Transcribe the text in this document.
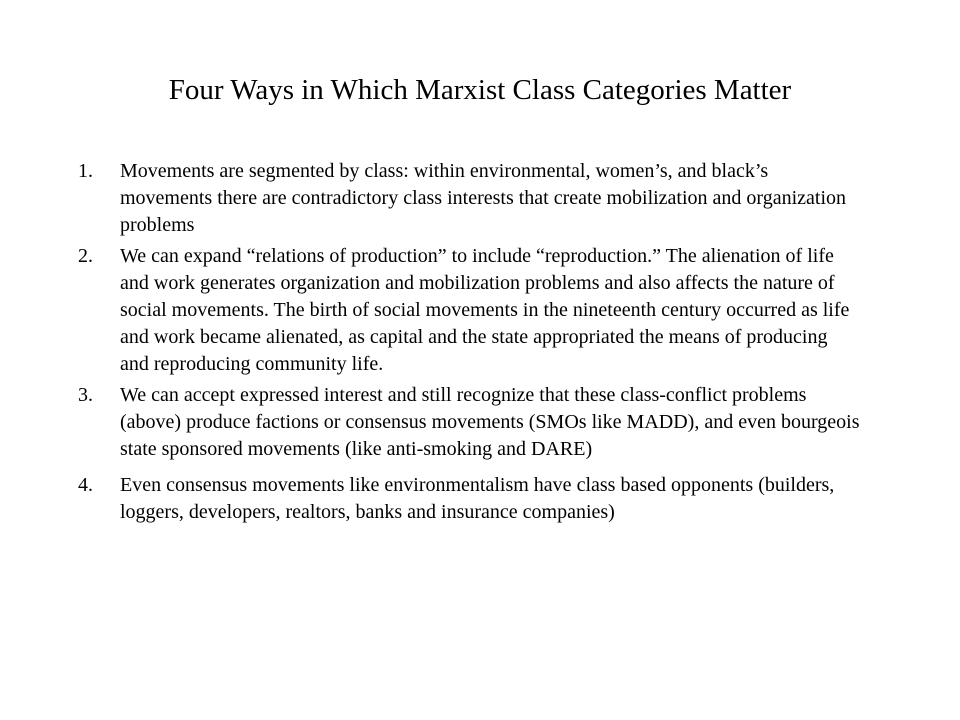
Four Ways in Which Marxist Class Categories Matter
1.	Movements are segmented by class: within environmental, women’s, and black’s movements there are contradictory class interests that create mobilization and organization problems
2.	We can expand “relations of production” to include “reproduction.” The alienation of life and work generates organization and mobilization problems and also affects the nature of social movements. The birth of social movements in the nineteenth century occurred as life and work became alienated, as capital and the state appropriated the means of producing and reproducing community life.
3.	We can accept expressed interest and still recognize that these class-conflict problems (above) produce factions or consensus movements (SMOs like MADD), and even bourgeois state sponsored movements (like anti-smoking and DARE)
4.	Even consensus movements like environmentalism have class based opponents (builders, loggers, developers, realtors, banks and insurance companies)
